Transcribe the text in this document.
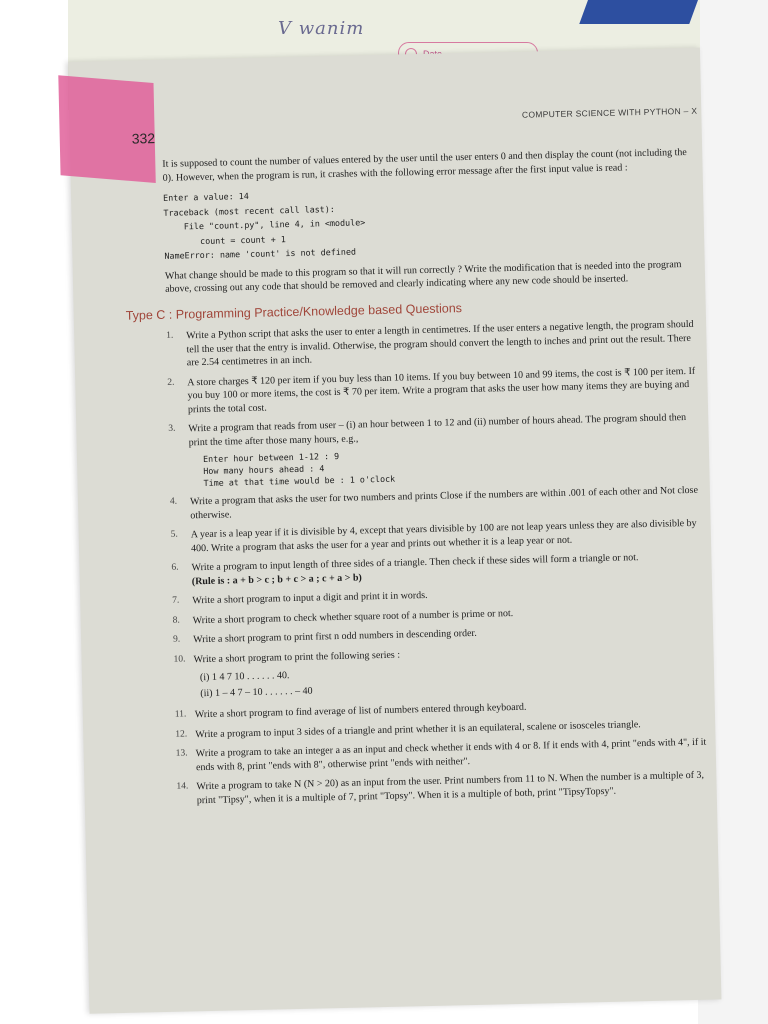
V wanim
332
COMPUTER SCIENCE WITH PYTHON – X

It is supposed to count the number of values entered by the user until the user enters 0 and then display the count (not including the 0). However, when the program is run, it crashes with the following error message after the first input value is read :

Enter a value: 14
Traceback (most recent call last):
File "count.py", line 4, in <module>
count = count + 1
NameError: name 'count' is not defined

What change should be made to this program so that it will run correctly ? Write the modification that is needed into the program above, crossing out any code that should be removed and clearly indicating where any new code should be inserted.

Type C : Programming Practice/Knowledge based Questions
1. Write a Python script that asks the user to enter a length in centimetres. If the user enters a negative length, the program should tell the user that the entry is invalid. Otherwise, the program should convert the length to inches and print out the result. There are 2.54 centimetres in an inch.

2. A store charges ₹ 120 per item if you buy less than 10 items. If you buy between 10 and 99 items, the cost is ₹ 100 per item. If you buy 100 or more items, the cost is ₹ 70 per item. Write a program that asks the user how many items they are buying and prints the total cost.

3. Write a program that reads from user – (i) an hour between 1 to 12 and (ii) number of hours ahead. The program should then print the time after those many hours, e.g.,

Enter hour between 1-12 : 9
How many hours ahead : 4
Time at that time would be : 1 o'clock
4. Write a program that asks the user for two numbers and prints Close if the numbers are within .001 of each other and Not close otherwise.

5. A year is a leap year if it is divisible by 4, except that years divisible by 100 are not leap years unless they are also divisible by 400. Write a program that asks the user for a year and prints out whether it is a leap year or not.

6. Write a program to input length of three sides of a triangle. Then check if these sides will form a triangle or not.

(Rule is : a + b > c ; b + c > a ; c + a > b)

7. Write a short program to input a digit and print it in words.

8. Write a short program to check whether square root of a number is prime or not.

9. Write a short program to print first n odd numbers in descending order.

10. Write a short program to print the following series :

(i) 1 4 7 10 . . . . . . 40.
(ii) 1 – 4 7 – 10 . . . . . . – 40
11. Write a short program to find average of list of numbers entered through keyboard.

12. Write a program to input 3 sides of a triangle and print whether it is an equilateral, scalene or isosceles triangle.

13. Write a program to take an integer a as an input and check whether it ends with 4 or 8. If it ends with 4, print "ends with 4", if it ends with 8, print "ends with 8", otherwise print "ends with neither".

14. Write a program to take N (N > 20) as an input from the user. Print numbers from 11 to N. When the number is a multiple of 3, print "Tipsy", when it is a multiple of 7, print "Topsy". When it is a multiple of both, print "TipsyTopsy".
